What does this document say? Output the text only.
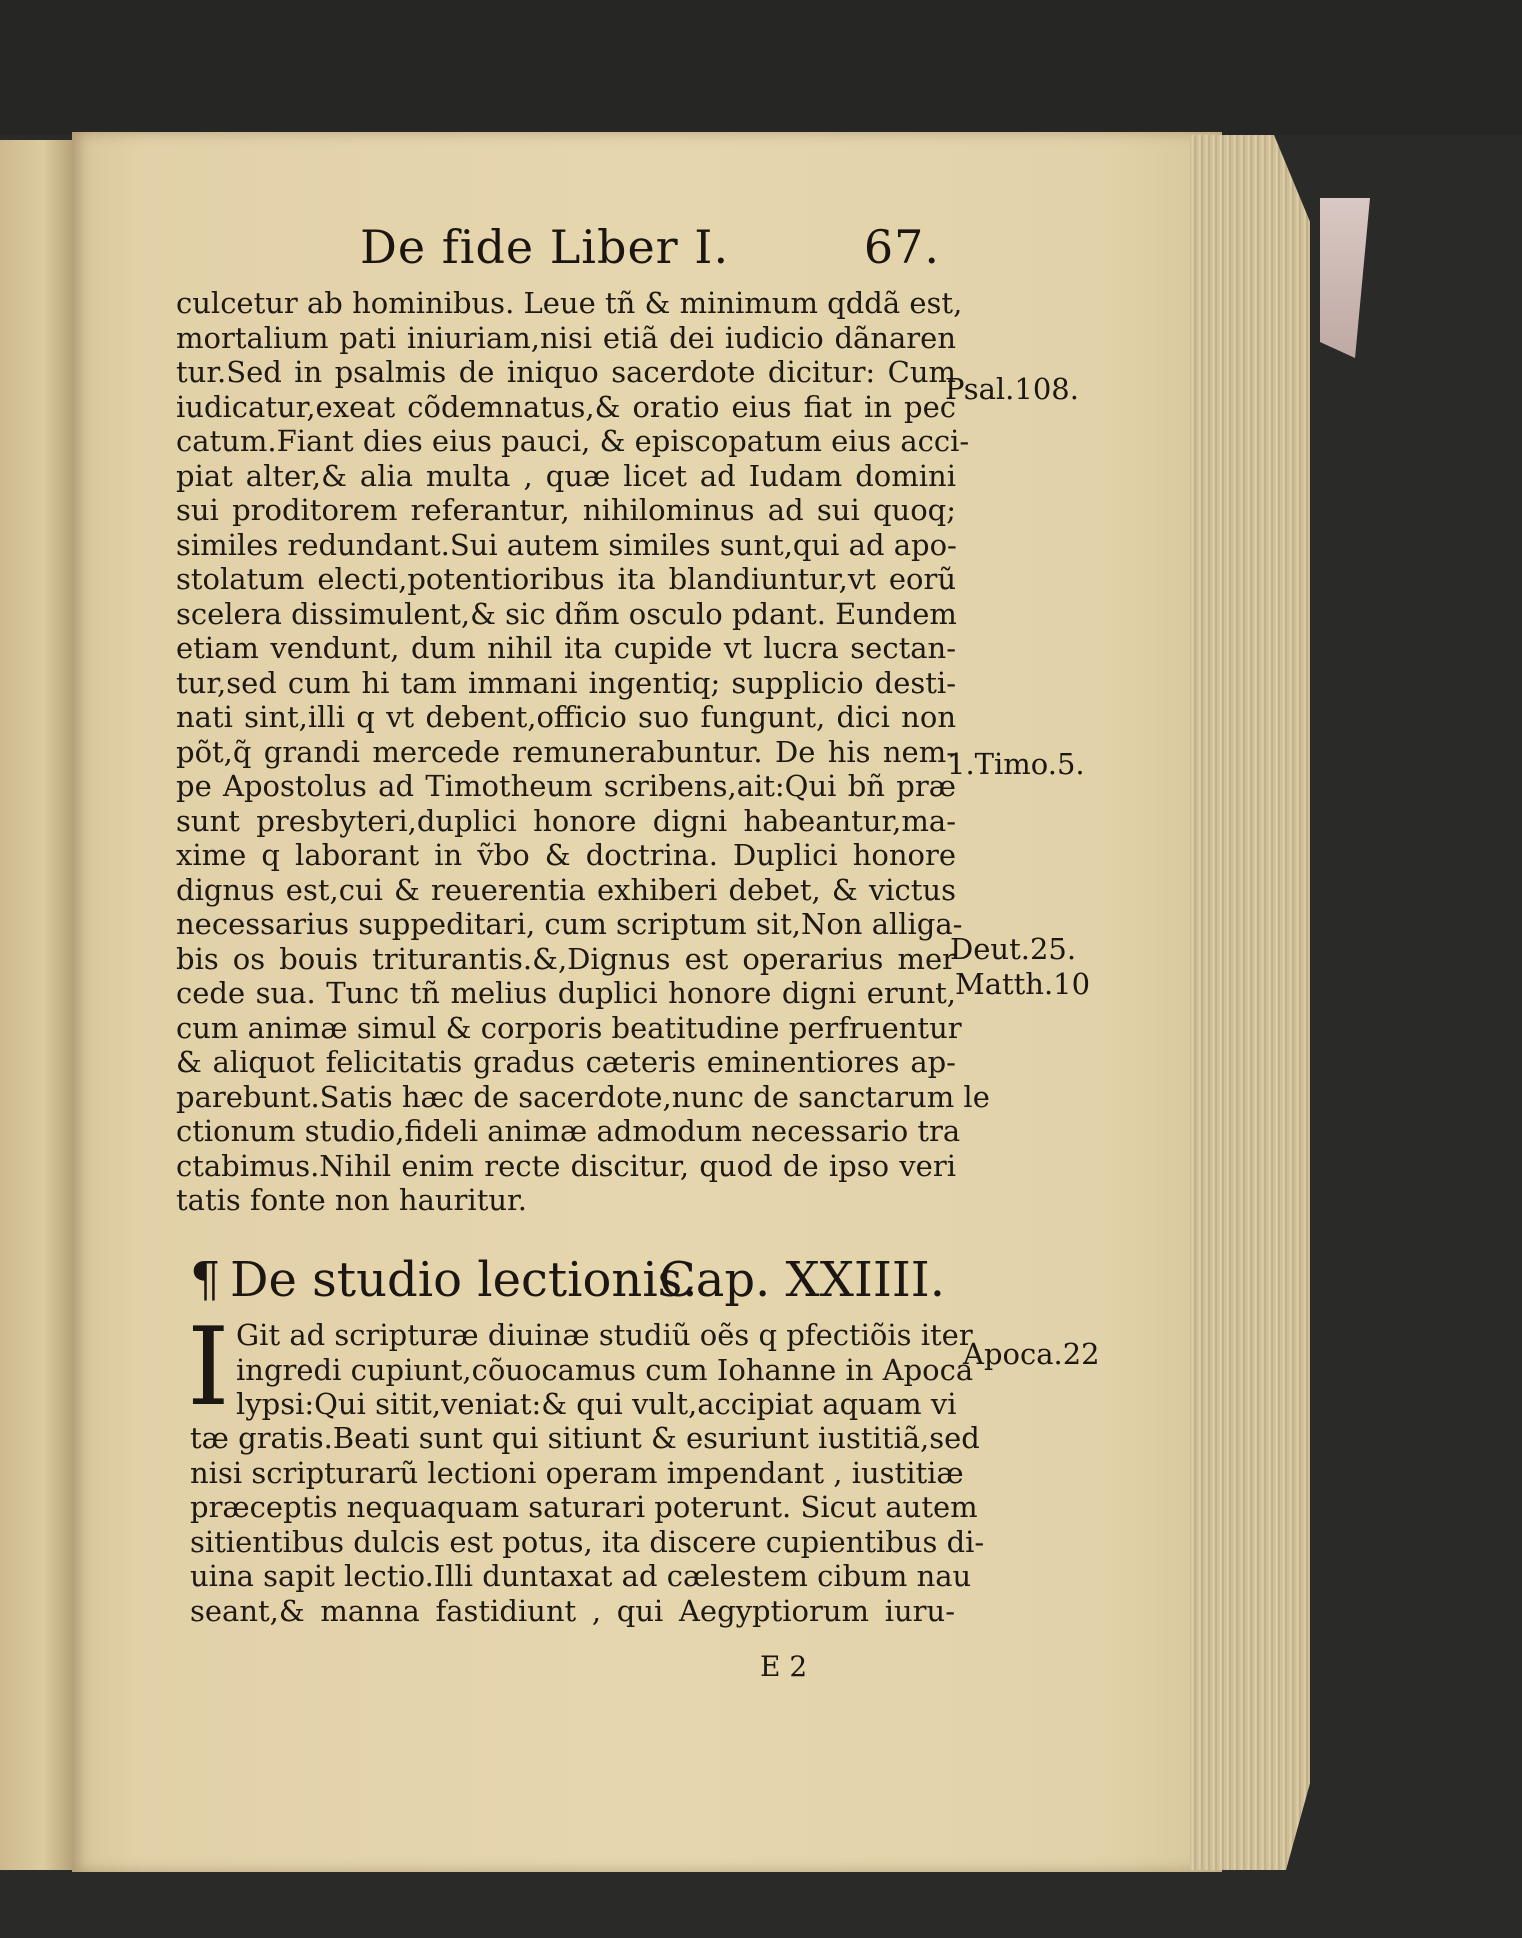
De fide Liber I.	67.
culcetur ab hominibus. Leue tñ & minimum qddã est,
mortalium pati iniuriam,nisi etiã dei iudicio dãnaren
tur.Sed in psalmis de iniquo sacerdote dicitur: Cum
iudicatur,exeat cõdemnatus,& oratio eius fiat in pec
catum.Fiant dies eius pauci, & episcopatum eius acci-
piat alter,& alia multa , quæ licet ad Iudam domini
sui proditorem referantur, nihilominus ad sui quoq;
similes redundant.Sui autem similes sunt,qui ad apo-
stolatum electi,potentioribus ita blandiuntur,vt eorũ
scelera dissimulent,& sic dñm osculo pdant. Eundem
etiam vendunt, dum nihil ita cupide vt lucra sectan-
tur,sed cum hi tam immani ingentiq; supplicio desti-
nati sint,illi q vt debent,officio suo fungunt, dici non
põt,q̃ grandi mercede remunerabuntur. De his nem-
pe Apostolus ad Timotheum scribens,ait:Qui bñ præ
sunt presbyteri,duplici honore digni habeantur,ma-
xime q laborant in ṽbo & doctrina. Duplici honore
dignus est,cui & reuerentia exhiberi debet, & victus
necessarius suppeditari, cum scriptum sit,Non alliga-
bis os bouis triturantis.&,Dignus est operarius mer
cede sua. Tunc tñ melius duplici honore digni erunt,
cum animæ simul & corporis beatitudine perfruentur
& aliquot felicitatis gradus cæteris eminentiores ap-
parebunt.Satis hæc de sacerdote,nunc de sanctarum le
ctionum studio,fideli animæ admodum necessario tra
ctabimus.Nihil enim recte discitur, quod de ipso veri
tatis fonte non hauritur.
¶ De studio lectionis.
Cap. XXIIII.
I Git ad scripturæ diuinæ studiũ oẽs q pfectiõis iter
ingredi cupiunt,cõuocamus cum Iohanne in Apoca
lypsi:Qui sitit,veniat:& qui vult,accipiat aquam vi
tæ gratis.Beati sunt qui sitiunt & esuriunt iustitiã,sed
nisi scripturarũ lectioni operam impendant , iustitiæ
præceptis nequaquam saturari poterunt. Sicut autem
sitientibus dulcis est potus, ita discere cupientibus di-
uina sapit lectio.Illi duntaxat ad cælestem cibum nau
seant,& manna fastidiunt , qui Aegyptiorum iuru-
Psal.108.
1.Timo.5.
Deut.25.
Matth.10
Apoca.22
E 2
